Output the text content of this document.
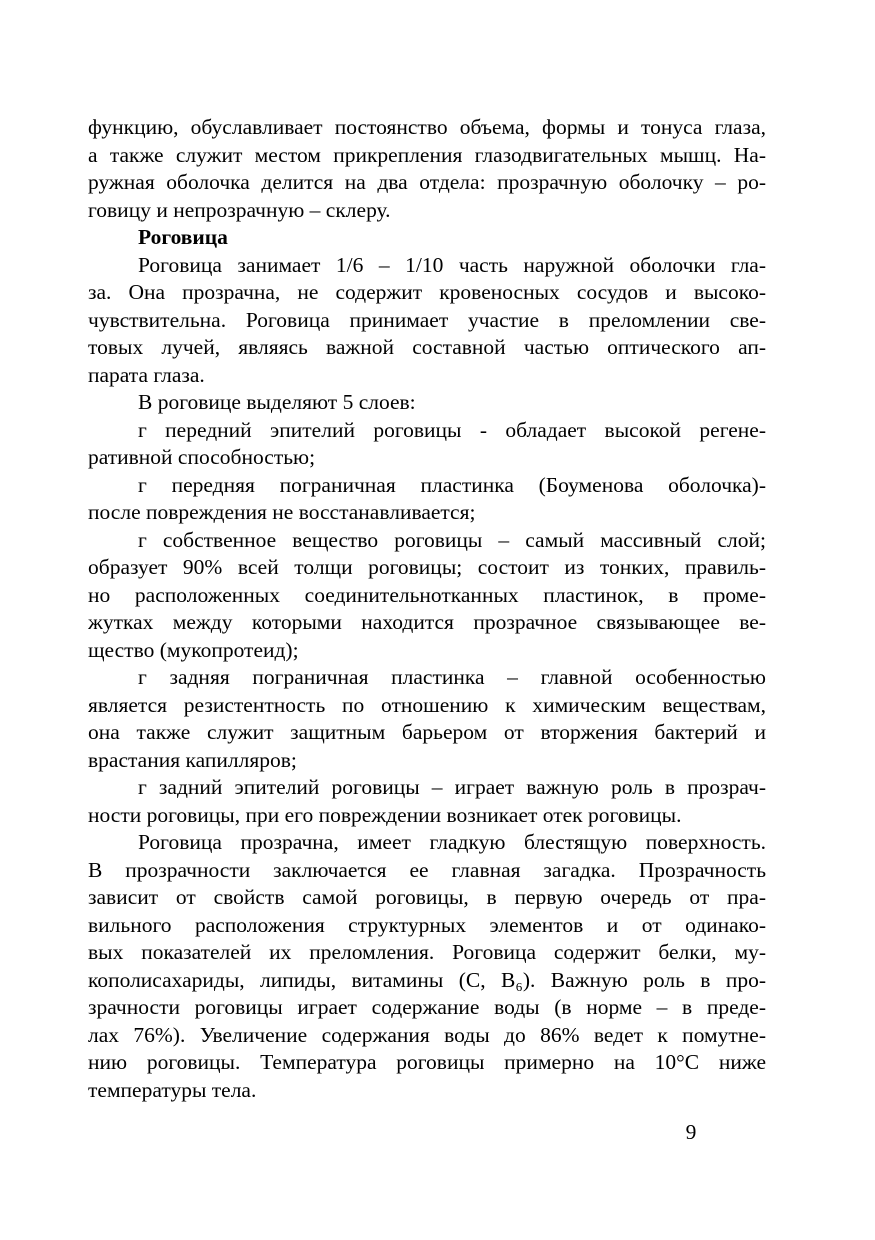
функцию, обуславливает постоянство объема, формы и тонуса глаза,
а также служит местом прикрепления глазодвигательных мышц. На-
ружная оболочка делится на два отдела: прозрачную оболочку – ро-
говицу и непрозрачную – склеру.
Роговица
Роговица занимает 1/6 – 1/10 часть наружной оболочки гла-
за. Она прозрачна, не содержит кровеносных сосудов и высоко-
чувствительна. Роговица принимает участие в преломлении све-
товых лучей, являясь важной составной частью оптического ап-
парата глаза.
В роговице выделяют 5 слоев:
г передний эпителий роговицы - обладает высокой регене-
ративной способностью;
г передняя пограничная пластинка (Боуменова оболочка)-
после повреждения не восстанавливается;
г собственное вещество роговицы – самый массивный слой;
образует 90% всей толщи роговицы; состоит из тонких, правиль-
но расположенных соединительнотканных пластинок, в проме-
жутках между которыми находится прозрачное связывающее ве-
щество (мукопротеид);
г задняя пограничная пластинка – главной особенностью
является резистентность по отношению к химическим веществам,
она также служит защитным барьером от вторжения бактерий и
врастания капилляров;
г задний эпителий роговицы – играет важную роль в прозрач-
ности роговицы, при его повреждении возникает отек роговицы.
Роговица прозрачна, имеет гладкую блестящую поверхность.
В прозрачности заключается ее главная загадка. Прозрачность
зависит от свойств самой роговицы, в первую очередь от пра-
вильного расположения структурных элементов и от одинако-
вых показателей их преломления. Роговица содержит белки, му-
кополисахариды, липиды, витамины (С, В₆). Важную роль в про-
зрачности роговицы играет содержание воды (в норме – в преде-
лах 76%). Увеличение содержания воды до 86% ведет к помутне-
нию роговицы. Температура роговицы примерно на 10°С ниже
температуры тела.
9
